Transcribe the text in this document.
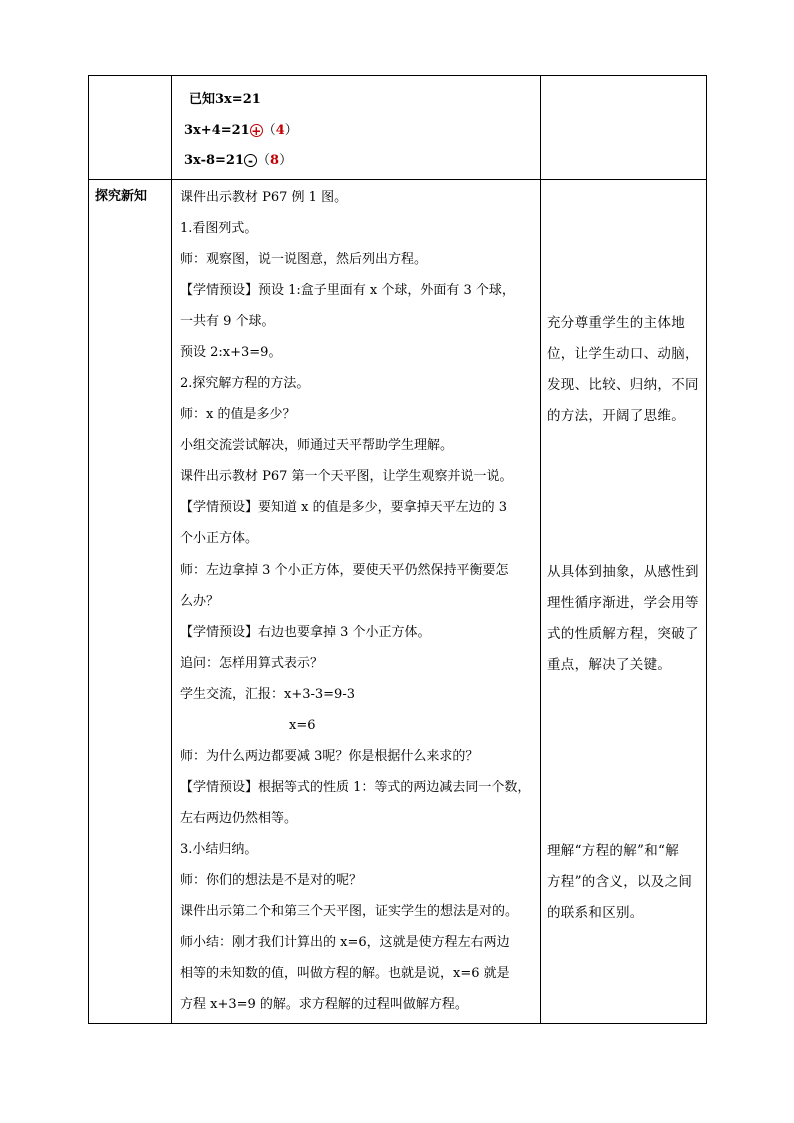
已知3x=21
3x+4=21+（4）
3x-8=21 - （8）
探究新知	课件出示教材 P67 例 1 图。
1.看图列式。
师：观察图，说一说图意，然后列出方程。
【学情预设】预设 1:盒子里面有 x 个球，外面有 3 个球，
一共有 9 个球。
预设 2:x+3=9。
2.探究解方程的方法。
师：x 的值是多少？
小组交流尝试解决，师通过天平帮助学生理解。
课件出示教材 P67 第一个天平图，让学生观察并说一说。
【学情预设】要知道 x 的值是多少，要拿掉天平左边的 3
个小正方体。
师：左边拿掉 3 个小正方体，要使天平仍然保持平衡要怎
么办？
【学情预设】右边也要拿掉 3 个小正方体。
追问：怎样用算式表示？
学生交流，汇报：x+3-3=9-3
x=6
师：为什么两边都要减 3呢？你是根据什么来求的？
【学情预设】根据等式的性质 1：等式的两边减去同一个数，
左右两边仍然相等。
3.小结归纳。
师：你们的想法是不是对的呢？
课件出示第二个和第三个天平图，证实学生的想法是对的。
师小结：刚才我们计算出的 x=6，这就是使方程左右两边
相等的未知数的值，叫做方程的解。也就是说，x=6 就是
方程 x+3=9 的解。求方程解的过程叫做解方程。
充分尊重学生的主体地
位，让学生动口、动脑，
发现、比较、归纳，不同
的方法，开阔了思维。
从具体到抽象，从感性到
理性循序渐进，学会用等
式的性质解方程，突破了
重点，解决了关键。
理解“方程的解”和“解
方程”的含义，以及之间
的联系和区别。
